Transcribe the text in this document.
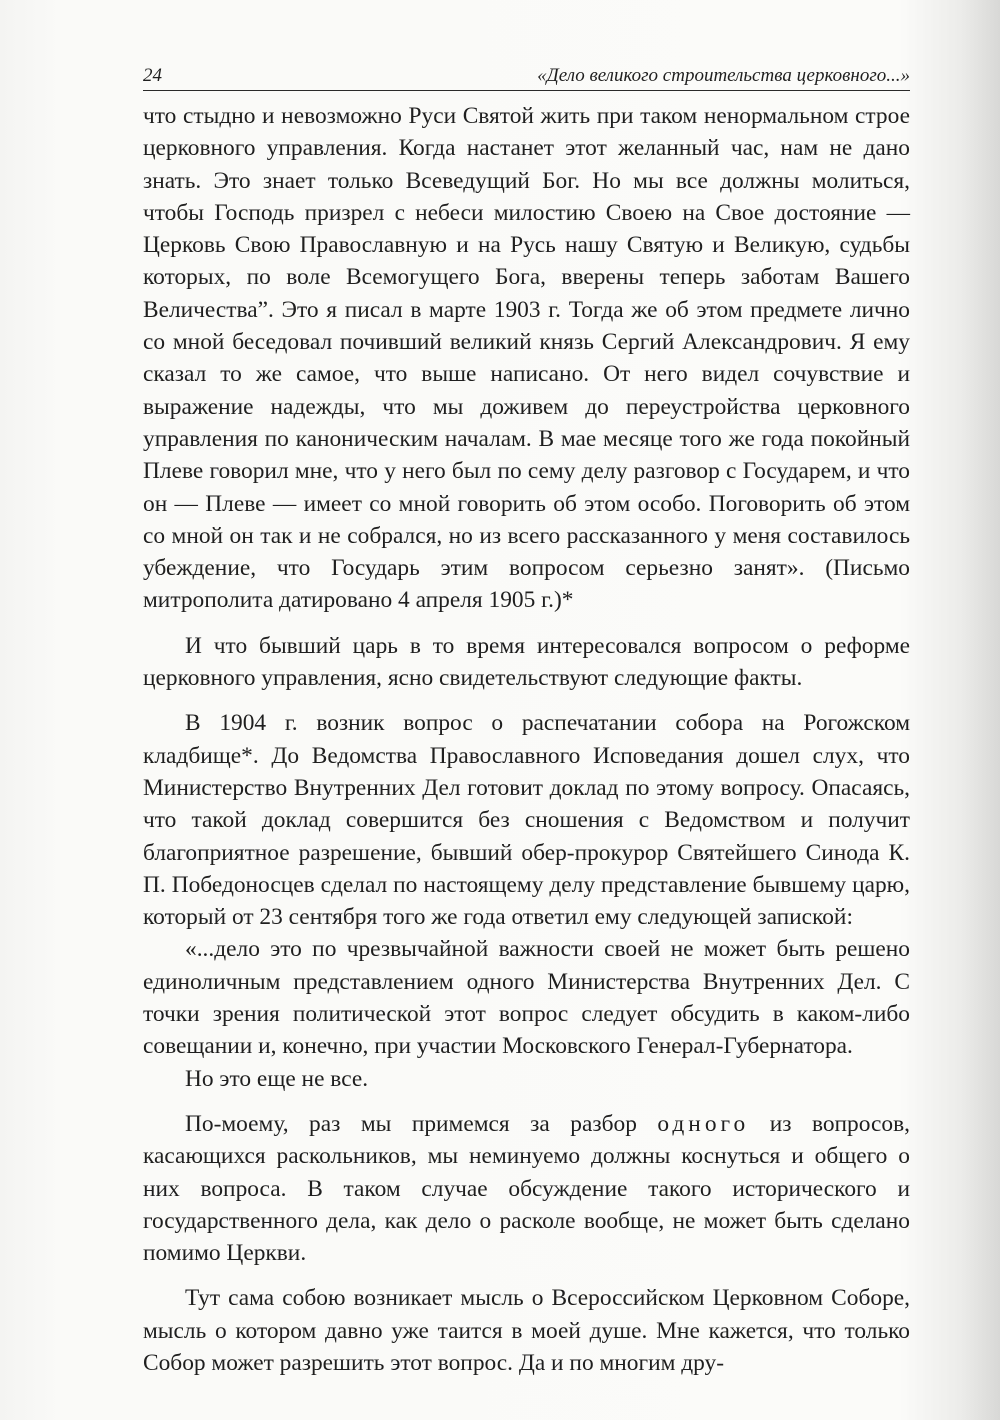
24	«Дело великого строительства церковного...»

что стыдно и невозможно Руси Святой жить при таком ненормальном строе церковного управления. Когда настанет этот желанный час, нам не дано знать. Это знает только Всеведущий Бог. Но мы все должны молиться, чтобы Господь призрел с небеси милостию Своею на Свое достояние — Церковь Свою Православную и на Русь нашу Святую и Великую, судьбы которых, по воле Всемогущего Бога, вверены теперь заботам Вашего Величества”. Это я писал в марте 1903 г. Тогда же об этом предмете лично со мной беседовал почивший великий князь Сергий Александрович. Я ему сказал то же самое, что выше написано. От него видел сочувствие и выражение надежды, что мы доживем до переустройства церковного управления по каноническим началам. В мае месяце того же года покойный Плеве говорил мне, что у него был по сему делу разговор с Государем, и что он — Плеве — имеет со мной говорить об этом особо. Поговорить об этом со мной он так и не собрался, но из всего рассказанного у меня составилось убеждение, что Государь этим вопросом серьезно занят». (Письмо митрополита датировано 4 апреля 1905 г.)*

И что бывший царь в то время интересовался вопросом о реформе церковного управления, ясно свидетельствуют следующие факты.

В 1904 г. возник вопрос о распечатании собора на Рогожском кладбище*. До Ведомства Православного Исповедания дошел слух, что Министерство Внутренних Дел готовит доклад по этому вопросу. Опасаясь, что такой доклад совершится без сношения с Ведомством и получит благоприятное разрешение, бывший обер-прокурор Святейшего Синода К. П. Победоносцев сделал по настоящему делу представление бывшему царю, который от 23 сентября того же года ответил ему следующей запиской:

«...дело это по чрезвычайной важности своей не может быть решено единоличным представлением одного Министерства Внутренних Дел. С точки зрения политической этот вопрос следует обсудить в каком-либо совещании и, конечно, при участии Московского Генерал-Губернатора.

Но это еще не все.

По-моему, раз мы примемся за разбор одного из вопросов, касающихся раскольников, мы неминуемо должны коснуться и общего о них вопроса. В таком случае обсуждение такого исторического и государственного дела, как дело о расколе вообще, не может быть сделано помимо Церкви.

Тут сама собою возникает мысль о Всероссийском Церковном Соборе, мысль о котором давно уже таится в моей душе. Мне кажется, что только Собор может разрешить этот вопрос. Да и по многим дру-
